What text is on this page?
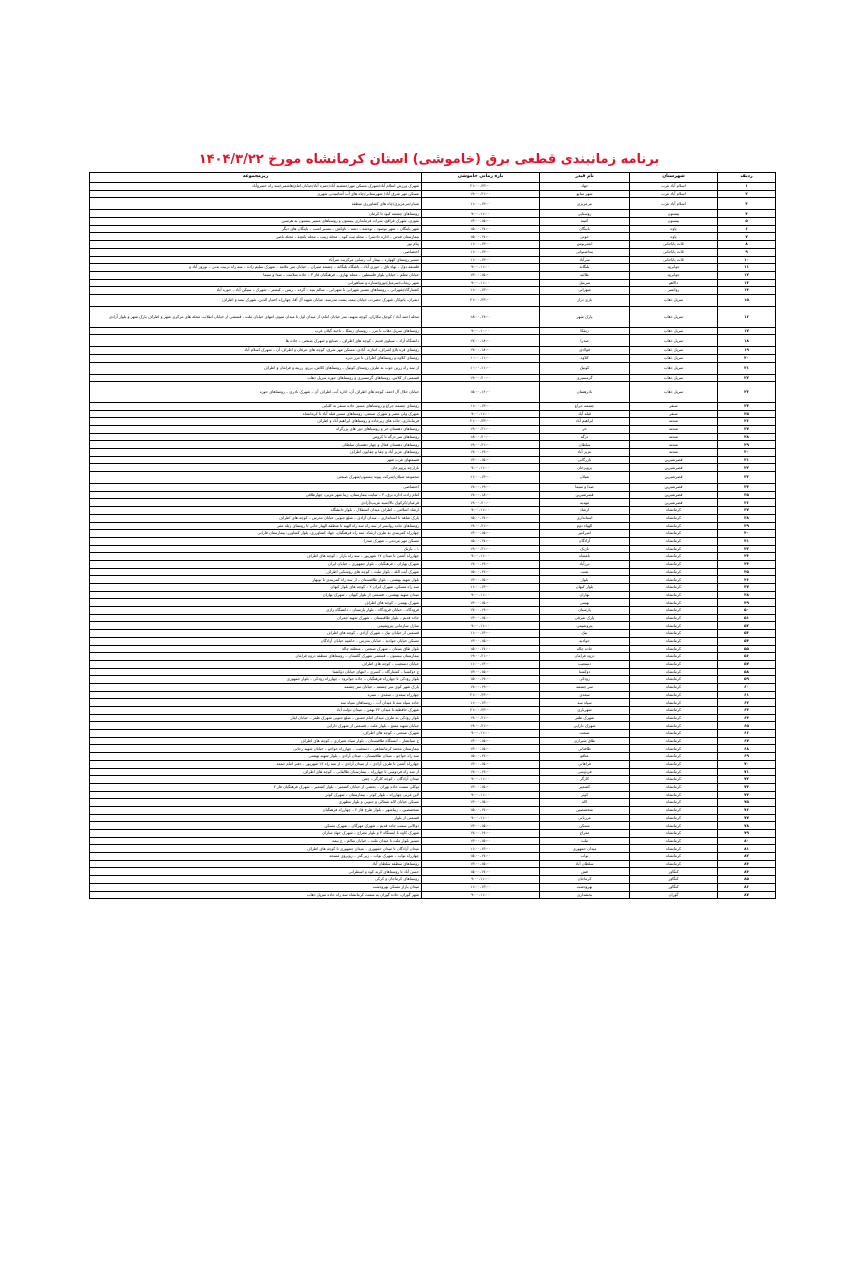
برنامه زمانبندی قطعی برق (خاموشی) استان کرمانشاه مورخ ۱۴۰۴/۳/۲۲
ردیف	شهرستان	نام فیدر	بازه زمانی خاموشی	زیرمجموعه
۱	اسلام آباد غرب	جهاد	۲۱:۰۰-۲۳:۰۰	شهرک ورزش اسلام آباد/شهرک مسکن مهر/جمشید آباد/حمزه آباد/خیابان امام/هاشمی/سه راه خسروآباد
۲	اسلام آباد غرب	شهر منابع	۱۹:۰۰-۲۱:۰۰	مسکن مهر شرق آباد/ شهرستانی/چاه های آب آشامیدنی شهری
۳	اسلام آباد غرب	مرعزیزی	۱۱:۰۰-۱۳:۰۰	شیان/مرعزیزی/چاه های کشاورزی منطقه
۴	بیستون	روستایی	۹:۰۰-۱۱:۰۰	روستاهای چشمه کبود تا کرمان
۵	بیستون	کتیبه	۱۳:۰۰-۱۵:۰۰	نقوزی، شهرک قراقچ، سرات فرمانداری بیستون و روستاهای مسیر بیستون به هرسین
۶	پاوه	باینگان	۱۵:۰۰-۱۷:۰۰	شهر باینگان – شهر نوسود – نودشه – دشه – ناوکش – مسیر اسب – باینگان های دیگر
۷	پاوه	حوتی	۱۵:۰۰-۱۷:۰۰	بیمارستان قدس – اداره دادسرا – محله ثبت کوه – محله زینب – محله باغچه – محله ناصر
۸	ثلاث باباجانی	انجیرنوس	۱۱:۰۰-۱۳:۰۰	پیام نور
۹	ثلاث باباجانی	بنداشتوانی	۱۱:۰۰-۱۳:۰۰	اختصاصی
۱۰	ثلاث باباجانی	سرآباد	۱۱:۰۰-۱۳:۰۰	مسیر روستای کهواره – بیمار آب رسانی مرکزیت سرآباد
۱۱	جوانرود	بلنگانه	۹:۰۰-۱۱:۰۰	فلسفه دول – بهاء تاق – حوزی آباد – باشگاه بلنگانه – چشمه سیران – خیابان میر علاتیه – شهرک سلیم زاده – سه راه تربیت بدنی – نوروز آباد و
۱۲	جوانرود	طالبه	۱۳:۰۰-۱۵:۰۰	خیابان معلم – خیابان بلوار فلسطین – محله بهاری – فرهنگیان فاز ۳ – جاده سلامت – صدا و سیما
۱۳	دالاهو	سرمیل	۹:۰۰-۱۱:۰۰	شهر ریجاب/سرمیل/تورو/ستاره و سیاهپرانی
۱۴	روانسر	شهرانی	۱۱:۰۰-۱۳:۰۰	کشتارگاه/شهرانی – روستاهای مسیر شهرانی تا شهرانی – سالم بنیه – گرده – ریس – کیستر – شهرک – سیکن آباد – حوزه آباد
۱۵	سرپل ذهاب	بازی دراز	۲۱:۰۰-۲۳:۰۰	دیفران، پاتوکار، شهرک حضرت، خیابان بیمه، پشت مدرسه، خیابان شهید آل آقا، چهارراه اختیار الدین، شهرک نیمه و اطراف
۱۶	سرپل ذهاب	پارک شهر	۱۸:۰۰-۱۹:۰۰	محله احمد آباد / کوچک مکاران، کوچه شهید، سر خیابان امام، از میدان اول تا میدان سوم، انتهای خیابان ملت ، قسمتی از خیابان انقلاب، محله های مرکزی شهر و اطراف پارک شهر و بلوار آزادی
۱۷	سرپل ذهاب	زیفکا	۹:۰۰-۱۰:۰۰	روستاهای سرپل ذهاب تا مرز – روستای زیفکا – ناحیه گیلان غرب
۱۸	سرپل ذهاب	صدرا	۱۷:۰۰-۱۸:۰۰	دانشگاه آزاد – سیلوی قدیم – کوچه های اطراف – صنایع و شهرک صنعتی – جاده ها
۱۹	سرپل ذهاب	فولادی	۱۷:۰۰-۱۸:۰۰	روستای قره بلاغ اشراف، اندازه، آبادی، مسکن مهر شرق، کوچه های عرفان و اطراف آن – شهرک اسلام آباد
۲۰	سرپل ذهاب	کلاوه	۱۰:۰۰-۱۱:۰۰	روستای کلاوه و روستاهای اطراف تا مرز دیره
۲۱	سرپل ذهاب	کوتیک	۱۰:۰۰-۱۱:۰۰	از سه راه زرین جوب به طرف روستای کوتیک – روستاهای کلاش، برزو، زرینه و فرامان و اطراف
۲۲	سرپل ذهاب	گرمسیری	۱۹:۰۰-۲۰:۰۰	قسمتی از کلاس، روستاهای گرمسیری و روستاهای حوزه سرپل ذهاب
۲۳	سرپل ذهاب	نادرهمتان	۱۵:۰۰-۱۶:۰۰	خیابان جلال آل احمد، کوچه های اطراف آن، اداره آب، اطراف آن – شهرک نادری – روستاهای حوزه
۲۴	سنقر	چشمه جراغ	۱۱:۰۰-۱۳:۰۰	روستای چشمه جراغ و روستاهای مسیر جاده سنقر به کلیایی
۲۵	سنقر	قبله آباد	۹:۰۰-۱۱:۰۰	شهرک ولی عصر و شهرک صنعتی، روستاهای مسیر قبله آباد تا کرمانشاه
۲۶	صحنه	ابراهیم آباد	۲۱:۰۰-۲۳:۰۰	فرمانداری، جاده های زیرجاده و روستاهای ابراهیم آباد و اطراف
۲۷	صحنه	خر	۱۹:۰۰-۲۱:۰۰	روستاهای دهستان خر و روستاهای دور های بزرگراه
۲۸	صحنه	دزگه	۱۸:۰۰-۲۰:۰۰	روستاهای سر دزگه تا کروس
۲۹	صحنه	سلطان	۱۹:۰۰-۲۱:۰۰	روستاهای دهستان فعال و چهار دهستان سلطان
۳۰	صحنه	عزیز آباد	۱۷:۰۰-۱۹:۰۰	روستاهای عزیز آباد و چقا و چقایون اطراف
۳۱	قصرشیرین	بازرگانی	۱۳:۰۰-۱۵:۰۰	قسمتهای غرب شهر
۳۲	قصرشیرین	پرویزخان	۹:۰۰-۱۱:۰۰	بازارچه پرویزخان
۳۳	قصرشیرین	شیلان	۱۱:۰۰-۱۳:۰۰	مجموعه شیلان/شرکت پیوند بیستون/شهرک صنعتی
۳۴	قصرشیرین	صدا و سیما	۱۷:۰۰-۱۹:۰۰	اختصاصی
۳۵	قصرشیرین	قصرشیرین	۱۷:۰۰-۱۸:۰۰	امام زاده، اداره برق، ۳ – سایت بیمارستان، زیبا شهر غربی، چهارطاقی
۳۶	قصرشیرین	مهدیه	۱۹:۰۰-۲۰:۰۰	قرعیان/کرکوک بالا/سید غریب/آزادی
۳۷	کرمانشاه	ارشاد	۹:۰۰-۱۱:۰۰	ارشاد اسلامی – اطراف میدان استقلال – بلوار دانشگاه
۳۸	کرمانشاه	استانداری	۱۵:۰۰-۱۷:۰۰	پارک شاهد تا استانداری – میدان آزادی – ضلع جنوبی خیابان مدرس – کوچه های اطراف
۳۹	کرمانشاه	الهیاء دوم	۱۹:۰۰-۲۱:۰۰	روستاهای جاده روانسر از سه راه سه راه الهیه تا منطقه الهیار خانی تا روستای زبله عمر
۴۰	کرمانشاه	امیرکبیر	۱۳:۰۰-۱۵:۰۰	چهارراه کمربندی به طرف ارشاد، سه راه فرهنگیان، جهاد کشاورزی، بلوار کشاورز، بیمارستان فارابی
۴۱	کرمانشاه	آزادگان	۱۵:۰۰-۱۷:۰۰	مسکن مهر مردمی – شهرک صدرا
۴۲	کرمانشاه	بازیک	۱۹:۰۰-۲۱:۰۰	۱ – بازیک
۴۳	کرمانشاه	باغشاه	۹:۰۰-۱۱:۰۰	چهارراه آشتی تا میدان ۱۷ شهریور – سه راه بازار – کوچه های اطراف
۴۴	کرمانشاه	برزآباد	۱۷:۰۰-۱۹:۰۰	شهرک بهاران – فرهنگیان – بلوار جمهوری – خیابان ایران
۴۵	کرمانشاه	بعثت	۱۵:۰۰-۱۷:۰۰	شهرک آیت الله – بلوار ملت – کوچه های روستایی اطراف
۴۶	کرمانشاه	بلوار	۱۳:۰۰-۱۵:۰۰	بلوار شهید بهشتی – بلوار طاقبستان – از سه راه کمربندی تا نوبهار
۴۷	کرمانشاه	بلوار کیهان	۱۱:۰۰-۱۳:۰۰	سه راه مسکن، شهرک ایران ۲ – کوچه های بلوار کیهان
۴۸	کرمانشاه	بهاران	۹:۰۰-۱۱:۰۰	میدان شهید بهشتی – قسمتی از بلوار کیهان – شهرک بهاران
۴۹	کرمانشاه	بهمنی	۱۳:۰۰-۱۵:۰۰	شهرک بهمنی – کوچه های اطراف
۵۰	کرمانشاه	پارسیان	۱۷:۰۰-۱۹:۰۰	فرودگاه – خیابان فرودگاه – بلوار پارسیان – دانشگاه رازی
۵۱	کرمانشاه	پارک شرقی	۱۳:۰۰-۱۵:۰۰	جاده قدیم – بلوار طاقبستان – شهرک شهید چمران
۵۲	کرمانشاه	پتروشیمی	۹:۰۰-۱۱:۰۰	منازل سازمانی پتروشیمی
۵۳	کرمانشاه	تیک	۱۱:۰۰-۱۳:۰۰	قسمتی از خیابان تیک – شهرک آزادی – کوچه های اطراف
۵۴	کرمانشاه	جوادیه	۱۳:۰۰-۱۵:۰۰	مسکن خیابان جوادیه – خیابان مدرس – حاشیه خیابان آزادگان
۵۵	کرمانشاه	جاده چاله	۱۵:۰۰-۱۷:۰۰	بلوار طاق بستان – شهرک صنعتی – منطقه چاله
۵۶	کرمانشاه	دروه فرامان	۱۹:۰۰-۲۱:۰۰	بیمارستان بیستون – قسمتی شهرک گلستان – روستاهای منطقه دروه فرامان
۵۷	کرمانشاه	دستغیب	۱۱:۰۰-۱۳:۰۰	خیابان دستغیب – کوچه های اطراف
۵۸	کرمانشاه	دوکشنا	۱۳:۰۰-۱۵:۰۰	ج دوکشنا – کشتارگاه – کسری – انتهای خیابان دوکشنا
۵۹	کرمانشاه	رودکی	۱۵:۰۰-۱۷:۰۰	بلوار رودکی تا چهارراه فرهنگیان – جاده جوانرود – چهارراه رودکی – بلوار جمهوری
۶۰	کرمانشاه	سر چشمه	۱۷:۰۰-۱۹:۰۰	پارک شهر کوی سر چشمه – خیابان سر چشمه
۶۱	کرمانشاه	سعدی	۲۱:۰۰-۲۳:۰۰	چهارراه سعدی – سعدی – سبزه
۶۲	کرمانشاه	سپاه سه	۱۱:۰۰-۱۳:۰۰	جاده سپاه سه تا میدان آب – روستاهای سپاه سه
۶۳	کرمانشاه	شهریاری	۲۱:۰۰-۲۳:۰۰	شهرک حافظیه تا میدان ۲۲ بهمن – میدان دولت آباد
۶۴	کرمانشاه	شهرک ظفر	۱۹:۰۰-۲۱:۰۰	بلوار رودکی به طرف میدان امام حسین – ضلع جنوبی شهرک ظفر – خیابان ایثار
۶۵	کرمانشاه	شهرک دارایی	۱۹:۰۰-۲۱:۰۰	خیابان شهید مفتح – بلوار ملت – قسمتی از شهرک دارایی
۶۶	کرمانشاه	صنعت	۹:۰۰-۱۱:۰۰	شهرک صنعتی – کوچه های اطراف
۶۷	کرمانشاه	طاق شیرازی	۱۳:۰۰-۱۵:۰۰	ج سیابشار – ایستگاه طاقبستان – بلوار سیاه شیرازی – کوچه های اطراف
۶۸	کرمانشاه	طاقبانی	۱۳:۰۰-۱۵:۰۰	بیمارستان محمد کرمانشاهی – دستغیب – چهارراه خواجو – خیابان شهید رجایی
۶۹	کرمانشاه	عتاقو	۱۵:۰۰-۱۷:۰۰	سه راه خواجو – میدان طاقبستان – میدان آزادی – بلوار شهید بهشتی
۷۰	کرمانشاه	فراهانی	۱۳:۰۰-۱۵:۰۰	چهارراه آشتی تا طرف آزادی – از میدان آزادی – از سه راه ۱۷ شهریور – دفتر امام جمعه
۷۱	کرمانشاه	فردوسی	۱۷:۰۰-۱۹:۰۰	از سه راه فردوسی تا چهارراه – بیمارستان طالقانی – کوچه های اطراف
۷۲	کرمانشاه	کارگر	۹:۰۰-۱۱:۰۰	میدان آزادگان – کوچه کارگر – چمن
۷۳	کرمانشاه	کشمیر	۱۳:۰۰-۱۵:۰۰	توکلی سمت جاده تهران – بخشی از خیابان کشمیر – بلوار کشمیر – شهرک فرهنگیان فاز ۲
۷۴	کرمانشاه	کوثر	۹:۰۰-۱۱:۰۰	لاین غربی چهارراه – بلوار کوثر – بیمارستان – شهرک کوثر
۷۵	کرمانشاه	لاله	۱۳:۰۰-۱۵:۰۰	مسکن خیابان لاله شمالی و جنوبی و بلوار مطهری
۷۶	کرمانشاه	متخصصین	۱۵:۰۰-۱۷:۰۰	متخصصین – زیباشهر – بلوار طرح فاز ۲ – چهارراه فرهنگیان
۷۷	کرمانشاه	مرزبانی	۹:۰۰-۱۱:۰۰	قسمتی از بلوار
۷۸	کرمانشاه	مسکن	۱۳:۰۰-۱۵:۰۰	ذوالانی سمت جاده قدیم – شهرک مهرگان – شهرک مسکن
۷۹	کرمانشاه	معراج	۱۷:۰۰-۱۹:۰۰	شهرک کاوه تا ایستگاه ۳ و بلوار معراج – شهرک جهاد سازان
۸۰	کرمانشاه	ملت	۱۳:۰۰-۱۵:۰۰	مسیر بلوار ملت تا میدان ملت – خیابان سالم – ج بیمه
۸۱	کرمانشاه	میدان جمهوری	۱۱:۰۰-۱۳:۰۰	میدان آزادگان تا میدان جمهوری – میدان جمهوری تا کوچه های اطراف
۸۲	کرمانشاه	نواب	۱۵:۰۰-۱۷:۰۰	چهارراه نواب – شهرک نواب – زیر گذر – روبروی مسجد
۸۳	کرمانشاه	سلطان آباد	۱۳:۰۰-۱۵:۰۰	روستاهای منطقه سلطان آباد
۸۴	کنگاور	فش	۱۵:۰۰-۱۷:۰۰	حسن آباد تا روستاهای کرند کوه و اسطرانی
۸۵	کنگاور	کرماجان	۹:۰۰-۱۱:۰۰	روستاهای کرماجان و کرکی
۸۶	کنگاور	بهرودشت	۱۱:۰۰-۱۳:۰۰	میدان بازار مسکن بهرودشت
۸۷	گوران	بخشداری	۹:۰۰-۱۱:۰۰	شهر گوران، جاده گوران به سمت کرمانشاه سه راه جاده سرپل ذهاب
